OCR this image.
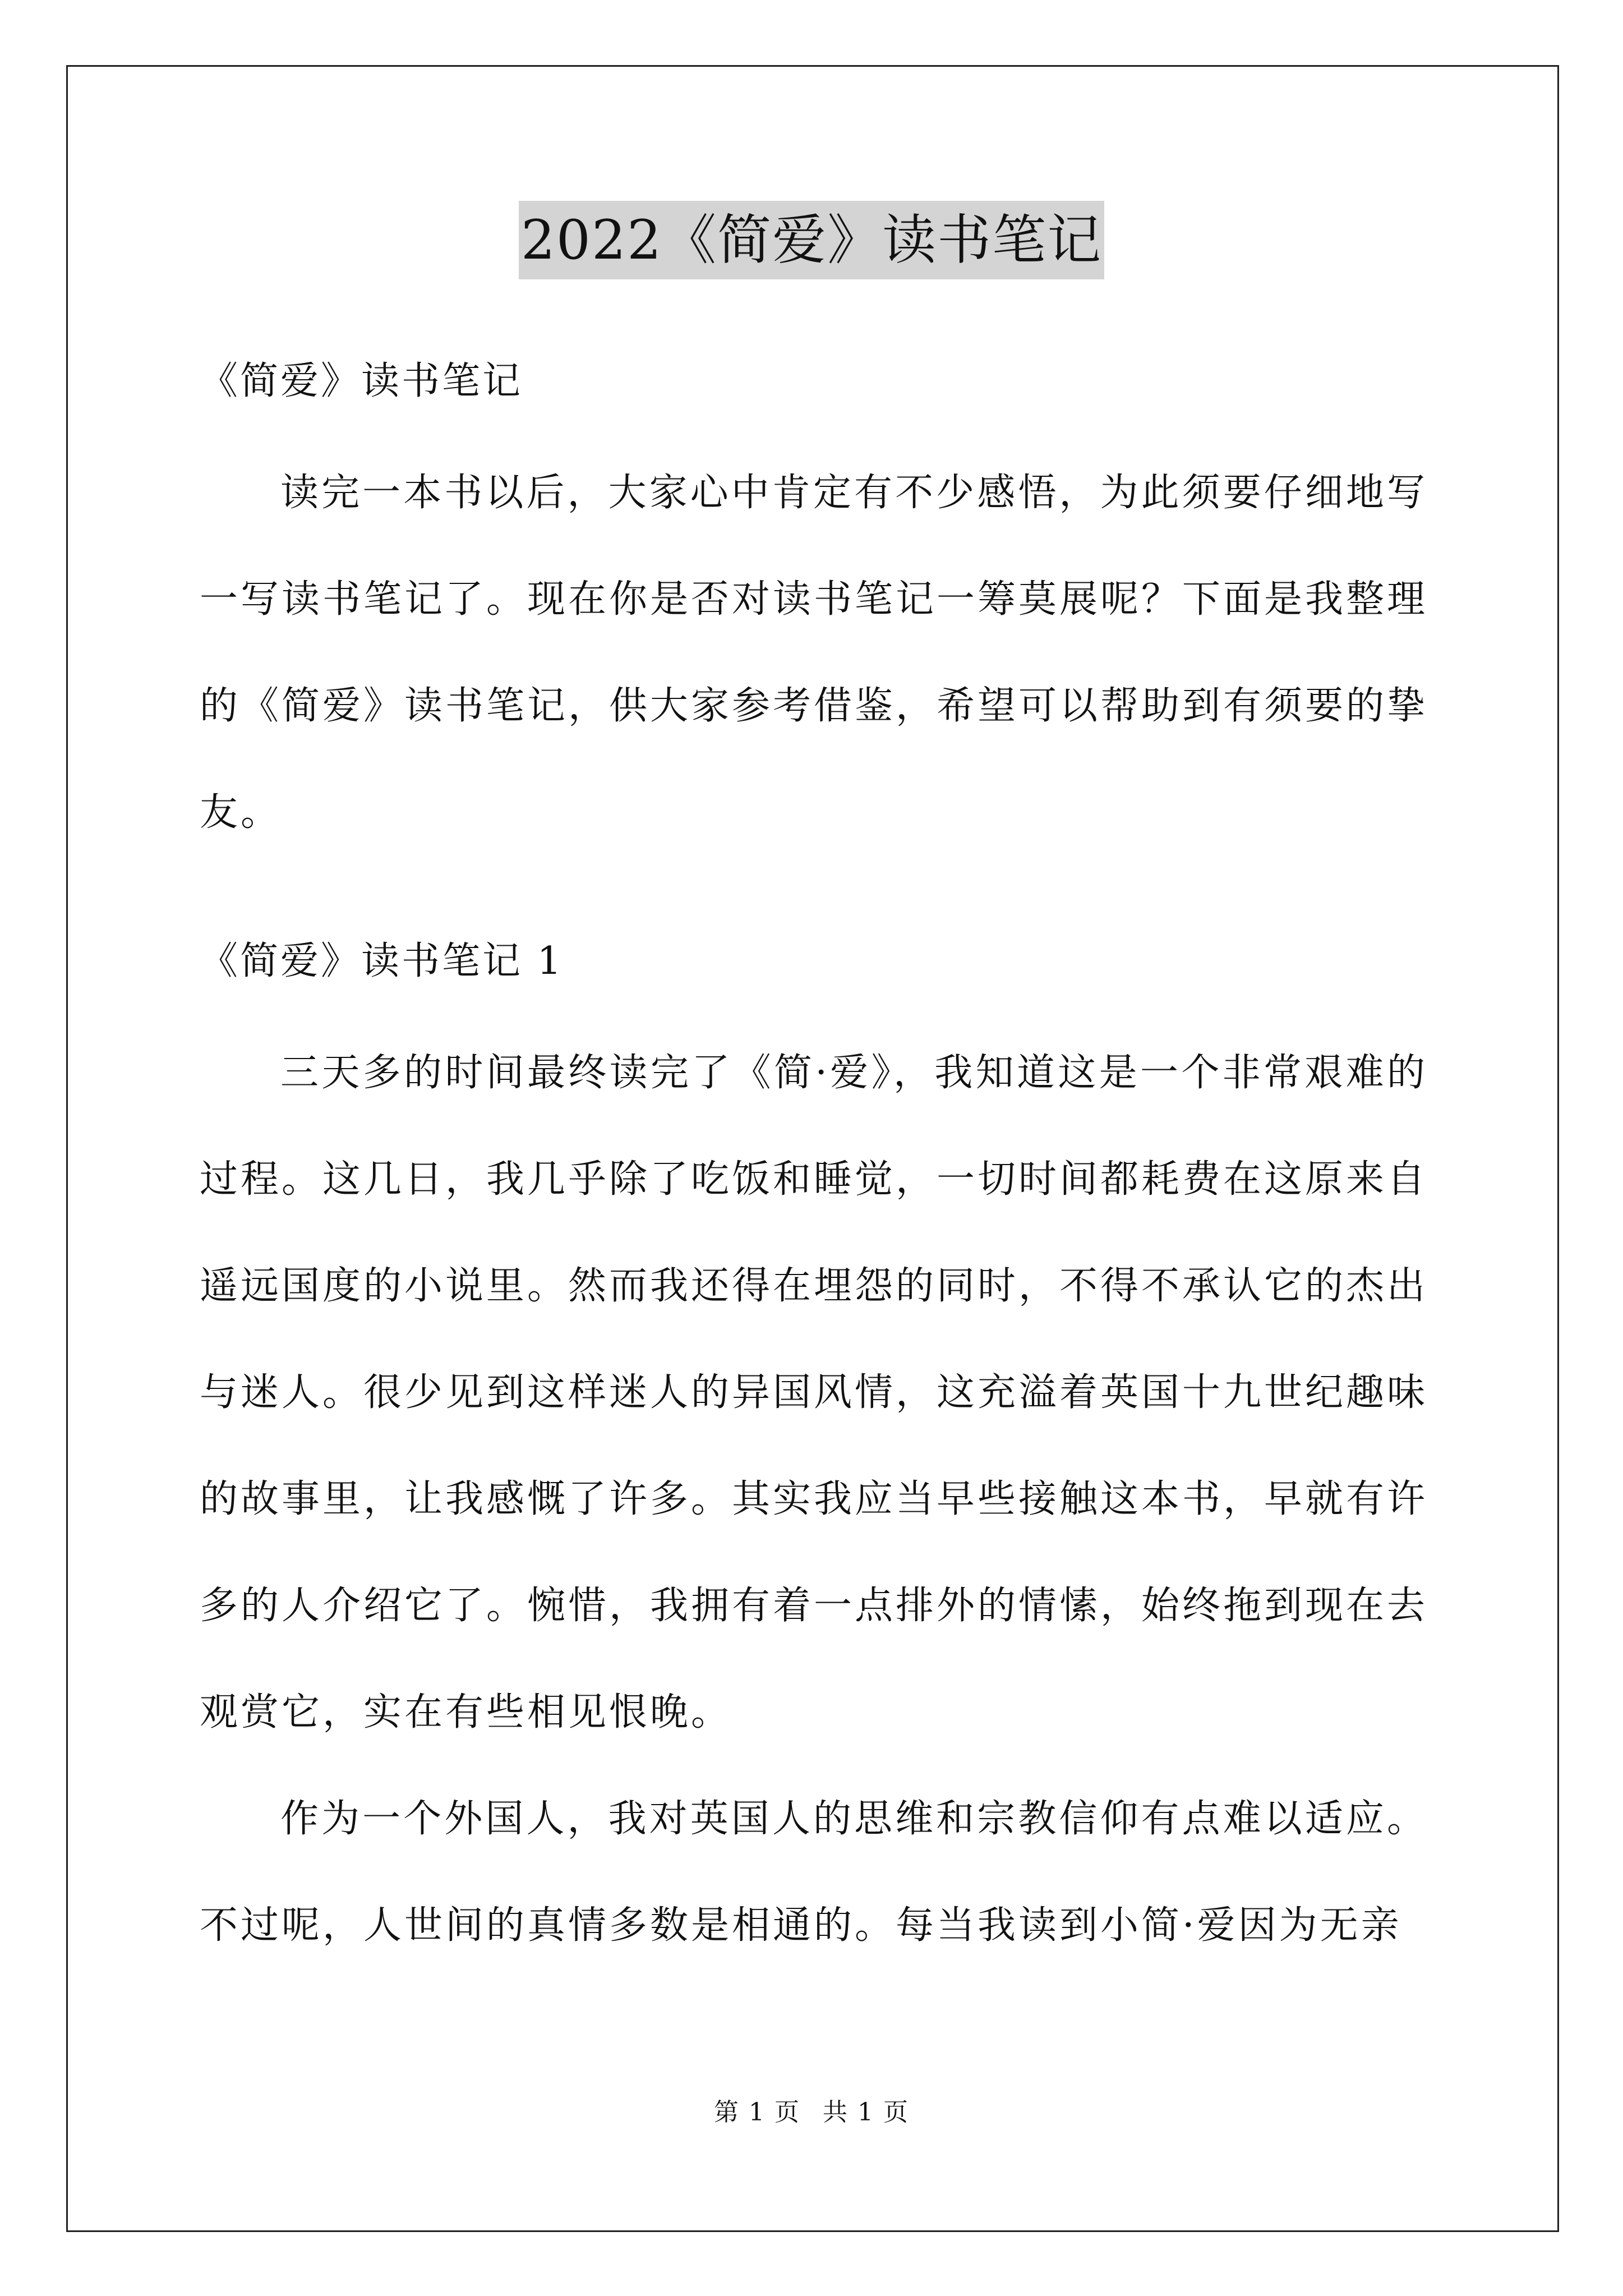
2022《简爱》读书笔记

《简爱》读书笔记

读完一本书以后，大家心中肯定有不少感悟，为此须要仔细地写一写读书笔记了。现在你是否对读书笔记一筹莫展呢？下面是我整理的《简爱》读书笔记，供大家参考借鉴，希望可以帮助到有须要的挚友。

《简爱》读书笔记 1

三天多的时间最终读完了《简·爱》，我知道这是一个非常艰难的过程。这几日，我几乎除了吃饭和睡觉，一切时间都耗费在这原来自遥远国度的小说里。然而我还得在埋怨的同时，不得不承认它的杰出与迷人。很少见到这样迷人的异国风情，这充溢着英国十九世纪趣味的故事里，让我感慨了许多。其实我应当早些接触这本书，早就有许多的人介绍它了。惋惜，我拥有着一点排外的情愫，始终拖到现在去观赏它，实在有些相见恨晚。

作为一个外国人，我对英国人的思维和宗教信仰有点难以适应。不过呢，人世间的真情多数是相通的。每当我读到小简·爱因为无亲

第 1 页 共 1 页
